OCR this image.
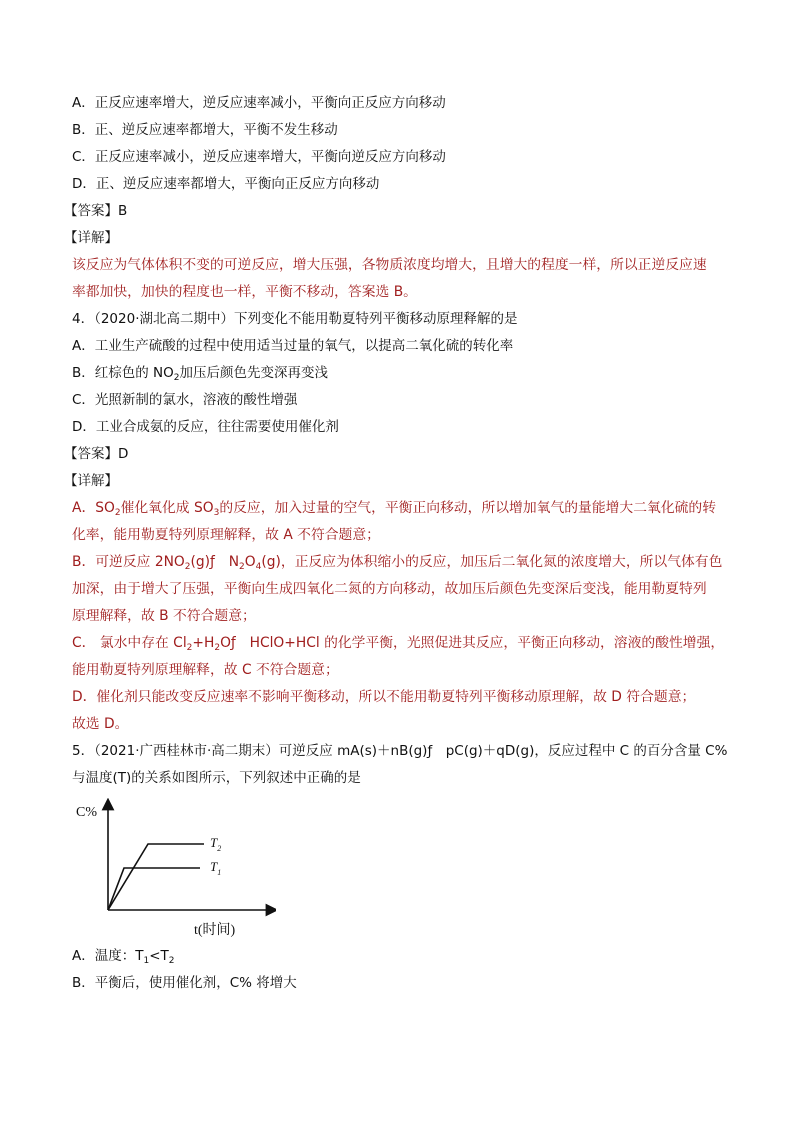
A．正反应速率增大，逆反应速率减小，平衡向正反应方向移动
B．正、逆反应速率都增大，平衡不发生移动
C．正反应速率减小，逆反应速率增大，平衡向逆反应方向移动
D．正、逆反应速率都增大，平衡向正反应方向移动
【答案】B
【详解】
该反应为气体体积不变的可逆反应，增大压强，各物质浓度均增大，且增大的程度一样，所以正逆反应速
率都加快，加快的程度也一样，平衡不移动，答案选 B。
4．（2020·湖北高二期中）下列变化不能用勒夏特列平衡移动原理释解的是
A．工业生产硫酸的过程中使用适当过量的氧气，以提高二氧化硫的转化率
B．红棕色的 $NO_2$加压后颜色先变深再变浅
C．光照新制的氯水，溶液的酸性增强
D．工业合成氨的反应，往往需要使用催化剂
【答案】D
【详解】
A．$SO_2$催化氧化成 $SO_3$的反应，加入过量的空气，平衡正向移动，所以增加氧气的量能增大二氧化硫的转
化率，能用勒夏特列原理解释，故 A 不符合题意；
B．可逆反应 $2NO_2(g)ƒ$　$N_2O_4(g)$，正反应为体积缩小的反应，加压后二氧化氮的浓度增大，所以气体有色
加深，由于增大了压强，平衡向生成四氧化二氮的方向移动，故加压后颜色先变深后变浅，能用勒夏特列
原理解释，故 B 不符合题意；
C． 氯水中存在 $Cl_2+H_2Oƒ$　HClO+HCl 的化学平衡，光照促进其反应，平衡正向移动，溶液的酸性增强，
能用勒夏特列原理解释，故 C 不符合题意；
D．催化剂只能改变反应速率不影响平衡移动，所以不能用勒夏特列平衡移动原理解，故 D 符合题意；
故选 D。
5．（2021·广西桂林市·高二期末）可逆反应 mA(s)＋nB(g)ƒ　pC(g)＋qD(g)，反应过程中 C 的百分含量 C%
与温度(T)的关系如图所示，下列叙述中正确的是
C%
$T_2$
$T_1$
t(时间)
A．温度：$T_1<T_2$
B．平衡后，使用催化剂，C% 将增大
